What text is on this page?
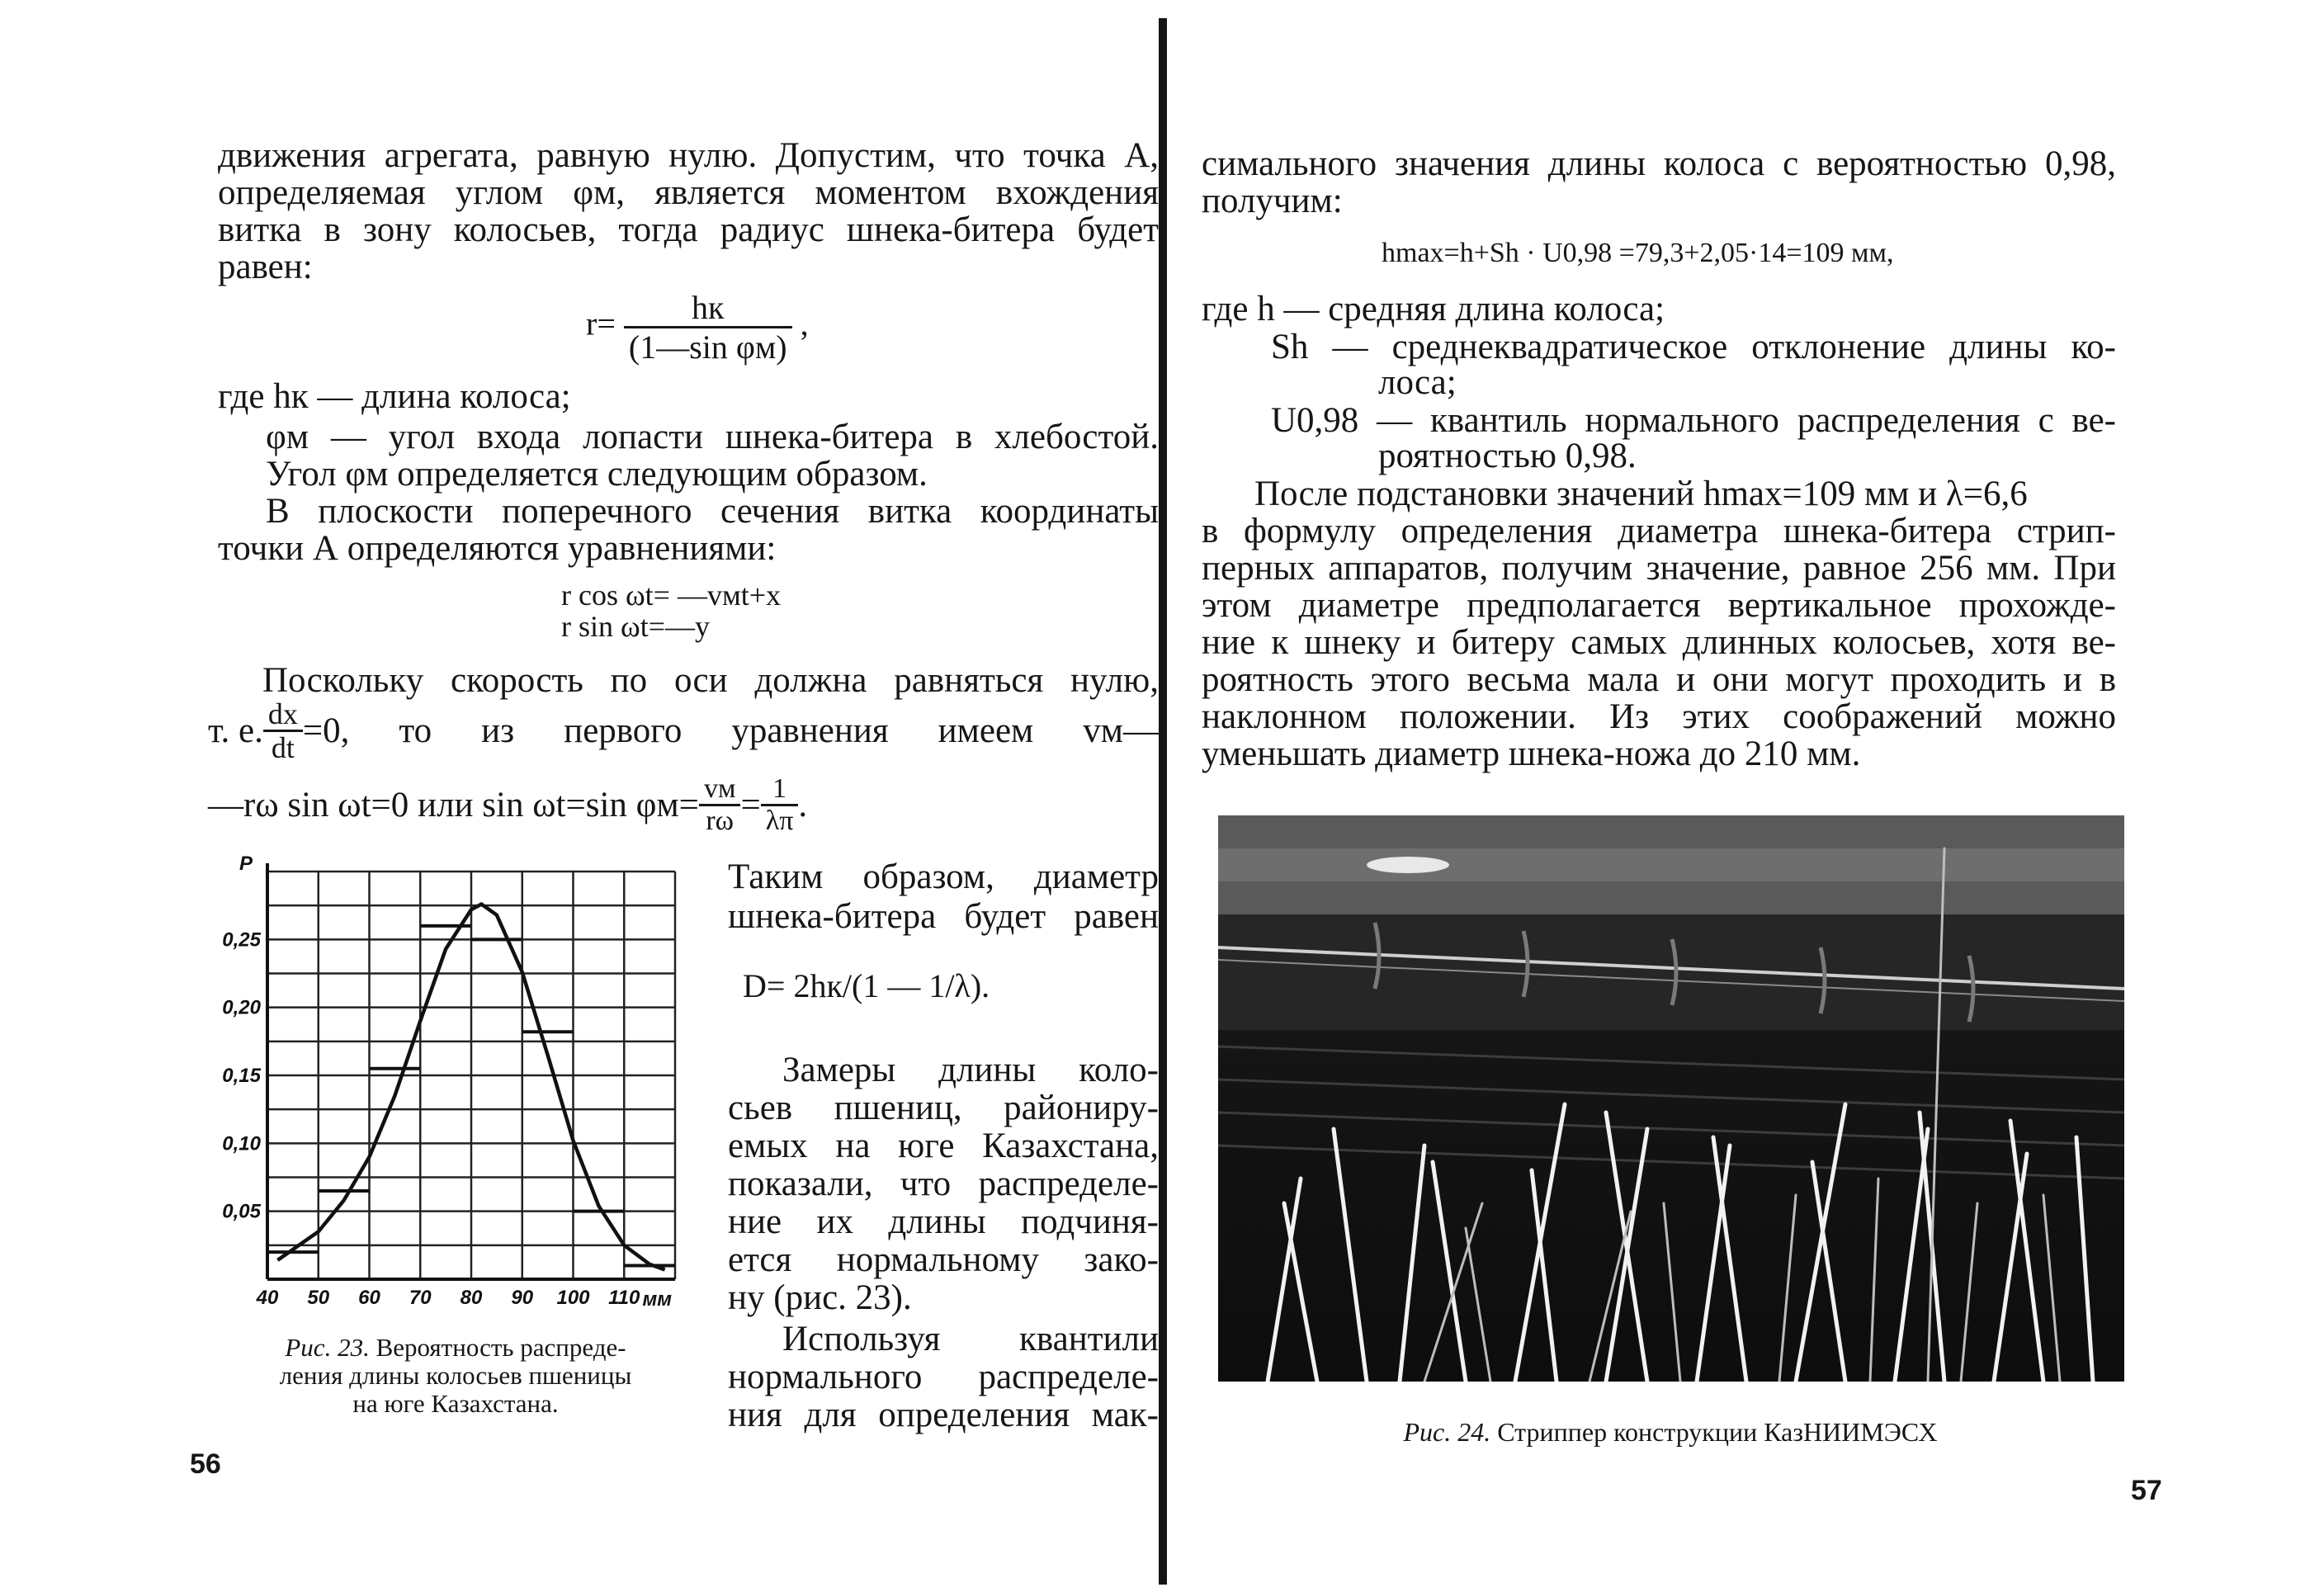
движения агрегата, равную нулю. Допустим, что точка А,
определяемая углом φм, является моментом вхождения
витка в зону колосьев, тогда радиус шнека-битера будет
равен:
$r= \frac{hк}{\text{(1—sin φм)}}$ ,
где hк — длина колоса;
φм — угол входа лопасти шнека-битера в хлебостой.
Угол φм определяется следующим образом.
В плоскости поперечного сечения витка координаты
точки А определяются уравнениями:
r cos ωt= —vмt+x
r sin ωt=—y
Поскольку скорость по оси должна равняться нулю,
т. е. $\frac{dx}{dt} =0$, то из первого уравнения имеем vм—
—rω sin ωt=0 или sin ωt=sin $\varphi м= \frac{vм}{r\omega} = \frac{1}{\lambda\pi}$ .
Таким образом, диаметр
шнека-битера будет равен
D= 2hк/(1 — 1/λ).
Замеры длины коло-
сьев пшениц, райониру-
емых на юге Казахстана,
показали, что распределе-
ние их длины подчиня-
ется нормальному зако-
ну (рис. 23).
Используя квантили
нормального распределе-
ния для определения мак-
Рис. 23. Вероятность распреде-
ления длины колосьев пшеницы
на юге Казахстана.
56
40 50 60 70 80 90 100 110
0,05
0,10
0,15
0,20
0,25
P
мм
симального значения длины колоса с вероятностью 0,98,
получим:
hmax=h+Sh · U0,98 =79,3+2,05·14=109 мм,
где h — средняя длина колоса;
Sh — среднеквадратическое отклонение длины ко-
лоса;
U0,98 — квантиль нормального распределения с ве-
роятностью 0,98.
После подстановки значений hmax=109 мм и λ=6,6
в формулу определения диаметра шнека-битера стрип-
перных аппаратов, получим значение, равное 256 мм. При
этом диаметре предполагается вертикальное прохожде-
ние к шнеку и битеру самых длинных колосьев, хотя ве-
роятность этого весьма мала и они могут проходить и в
наклонном положении. Из этих соображений можно
уменьшать диаметр шнека-ножа до 210 мм.
Рис. 24. Стриппер конструкции КазНИИМЭСХ
57
